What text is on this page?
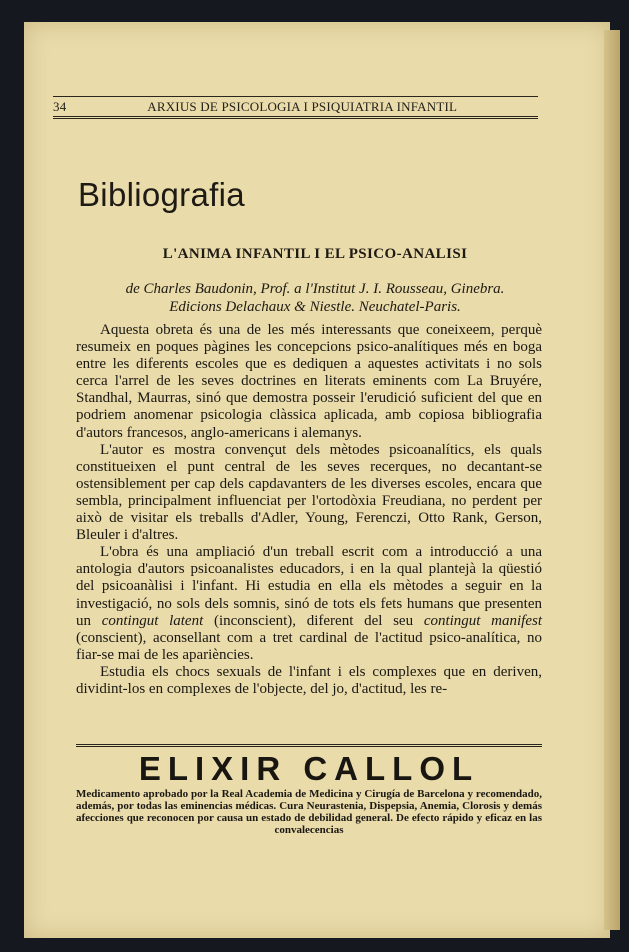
34	ARXIUS DE PSICOLOGIA I PSIQUIATRIA INFANTIL
Bibliografia
L'ANIMA INFANTIL I EL PSICO-ANALISI
de Charles Baudonin, Prof. a l'Institut J. I. Rousseau, Ginebra.
Edicions Delachaux & Niestle. Neuchatel-Paris.

Aquesta obreta és una de les més interessants que coneixeem, perquè resumeix en poques pàgines les concepcions psico-analítiques més en boga entre les diferents escoles que es dediquen a aquestes activitats i no sols cerca l'arrel de les seves doctrines en literats eminents com La Bruyére, Standhal, Maurras, sinó que demostra posseir l'erudició suficient del que en podriem anomenar psicologia clàssica aplicada, amb copiosa bibliografia d'autors francesos, anglo-americans i alemanys.

L'autor es mostra convençut dels mètodes psicoanalítics, els quals constitueixen el punt central de les seves recerques, no decantant-se ostensiblement per cap dels capdavanters de les diverses escoles, encara que sembla, principalment influenciat per l'ortodòxia Freudiana, no perdent per això de visitar els treballs d'Adler, Young, Ferenczi, Otto Rank, Gerson, Bleuler i d'altres.

L'obra és una ampliació d'un treball escrit com a introducció a una antologia d'autors psicoanalistes educadors, i en la qual plantejà la qüestió del psicoanàlisi i l'infant. Hi estudia en ella els mètodes a seguir en la investigació, no sols dels somnis, sinó de tots els fets humans que presenten un contingut latent (inconscient), diferent del seu contingut manifest (conscient), aconsellant com a tret cardinal de l'actitud psico-analítica, no fiar-se mai de les apariències.

Estudia els chocs sexuals de l'infant i els complexes que en deriven, dividint-los en complexes de l'objecte, del jo, d'actitud, les re-

ELIXIR CALLOL
Medicamento aprobado por la Real Academia de Medicina y Cirugía de Barcelona y recomendado, además, por todas las eminencias médicas. Cura Neurastenia, Dispepsia, Anemia, Clorosis y demás afecciones que reconocen por causa un estado de debilidad general. De efecto rápido y eficaz en las convalecencias
